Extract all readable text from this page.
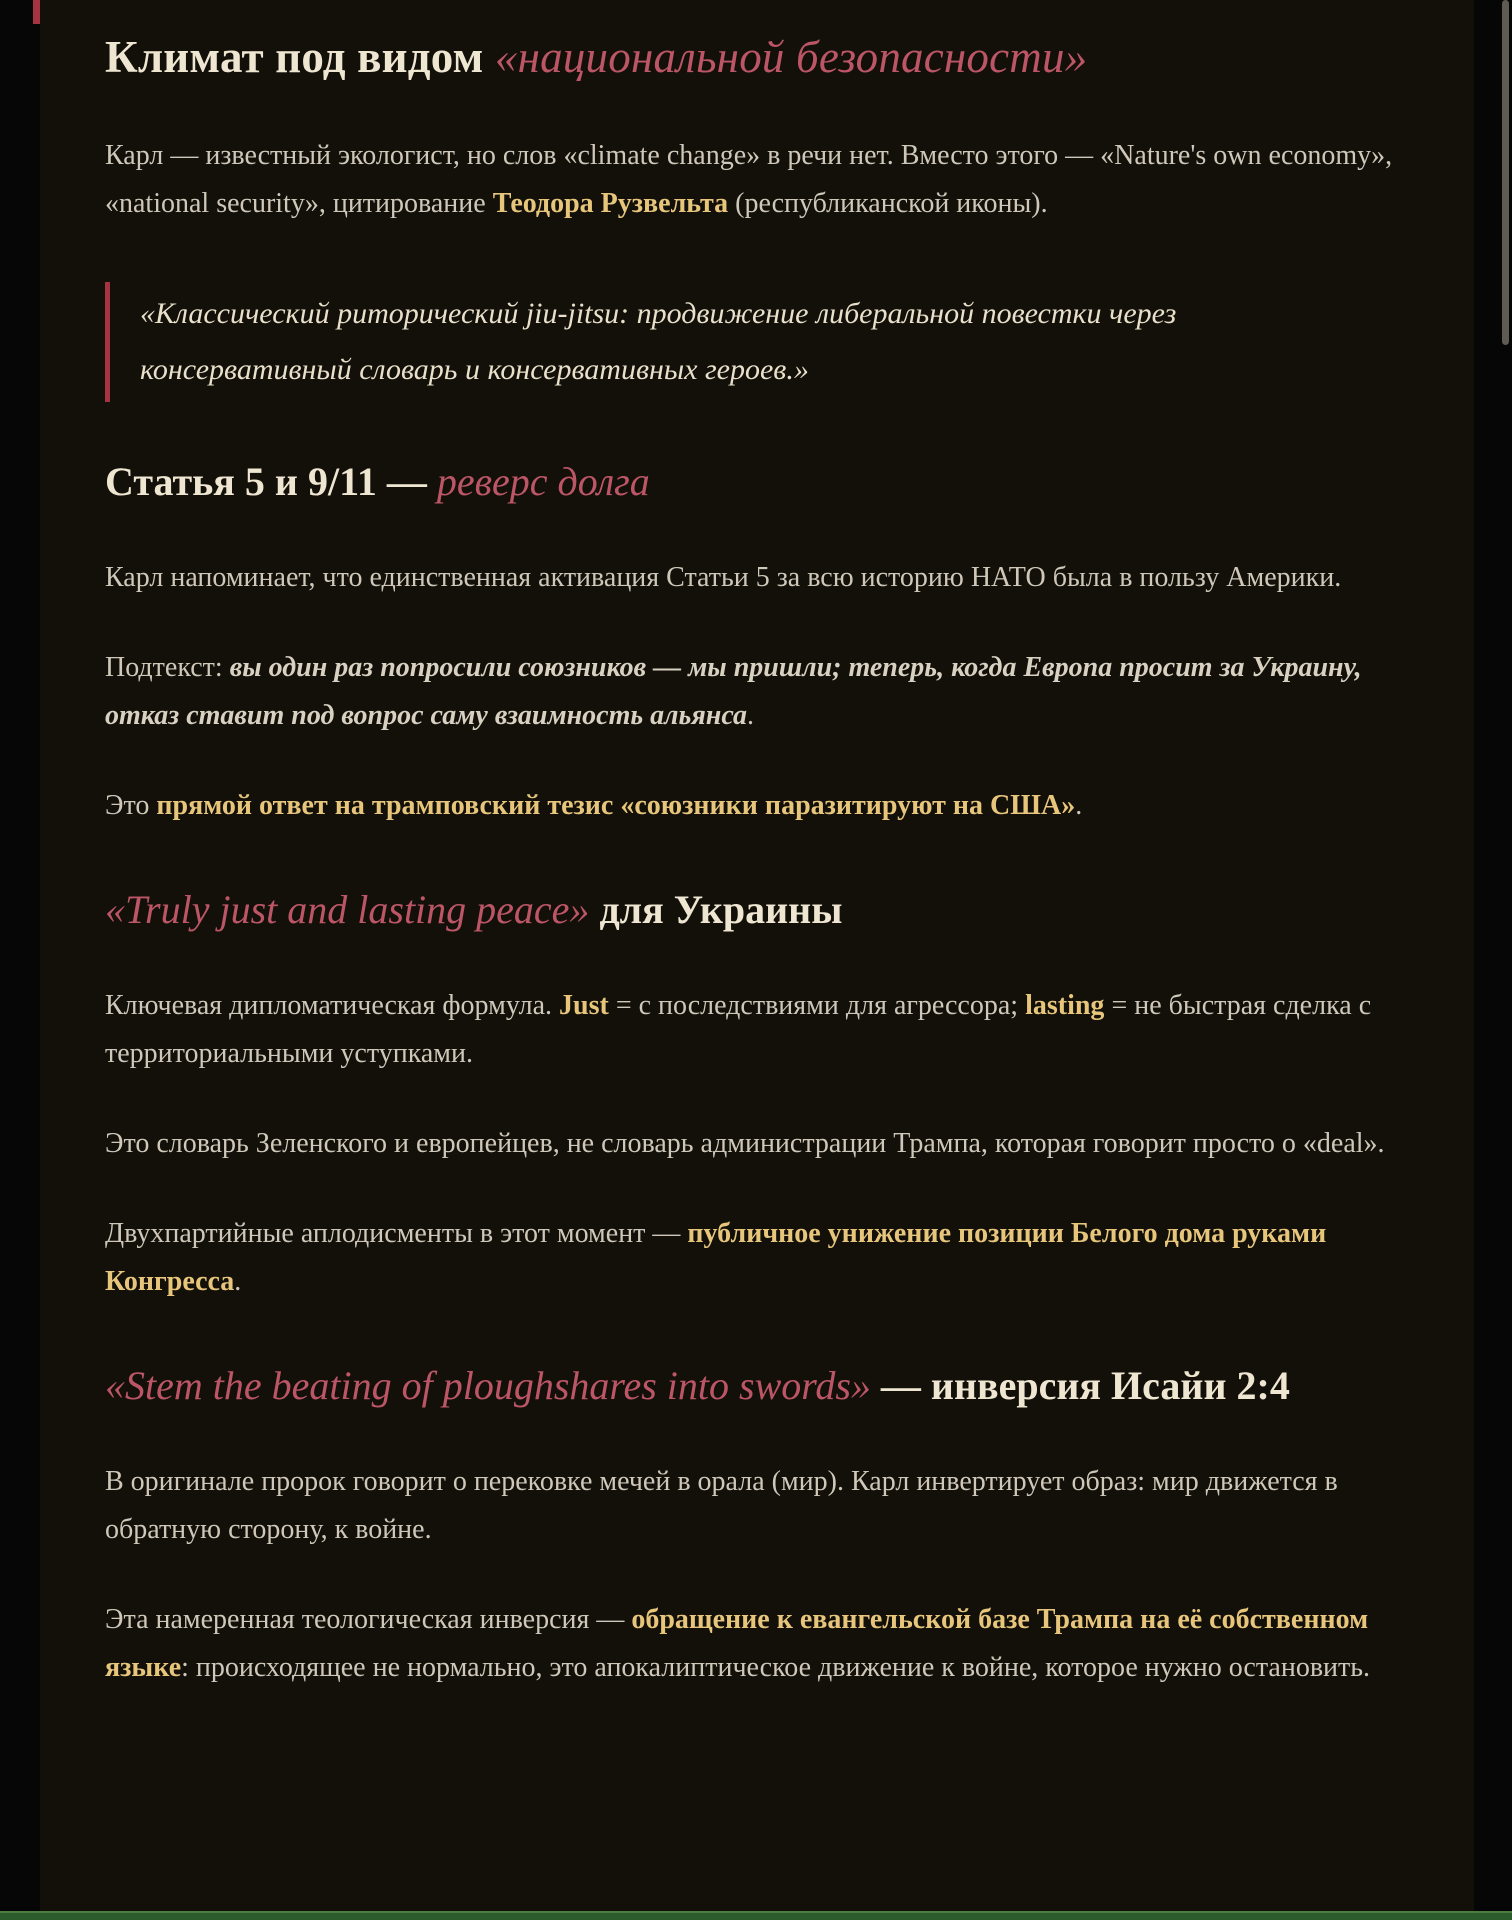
Климат под видом «национальной безопасности»

Карл — известный экологист, но слов «climate change» в речи нет. Вместо этого — «Nature's own economy», «national security», цитирование Теодора Рузвельта (республиканской иконы).

«Классический риторический jiu-jitsu: продвижение либеральной повестки через консервативный словарь и консервативных героев.»
Статья 5 и 9/11 — реверс долга

Карл напоминает, что единственная активация Статьи 5 за всю историю НАТО была в пользу Америки.

Подтекст: вы один раз попросили союзников — мы пришли; теперь, когда Европа просит за Украину, отказ ставит под вопрос саму взаимность альянса.

Это прямой ответ на трамповский тезис «союзники паразитируют на США».

«Truly just and lasting peace» для Украины

Ключевая дипломатическая формула. Just = с последствиями для агрессора; lasting = не быстрая сделка с территориальными уступками.

Это словарь Зеленского и европейцев, не словарь администрации Трампа, которая говорит просто о «deal».

Двухпартийные аплодисменты в этот момент — публичное унижение позиции Белого дома руками Конгресса.

«Stem the beating of ploughshares into swords» — инверсия Исайи 2:4

В оригинале пророк говорит о перековке мечей в орала (мир). Карл инвертирует образ: мир движется в обратную сторону, к войне.

Эта намеренная теологическая инверсия — обращение к евангельской базе Трампа на её собственном языке: происходящее не нормально, это апокалиптическое движение к войне, которое нужно остановить.
